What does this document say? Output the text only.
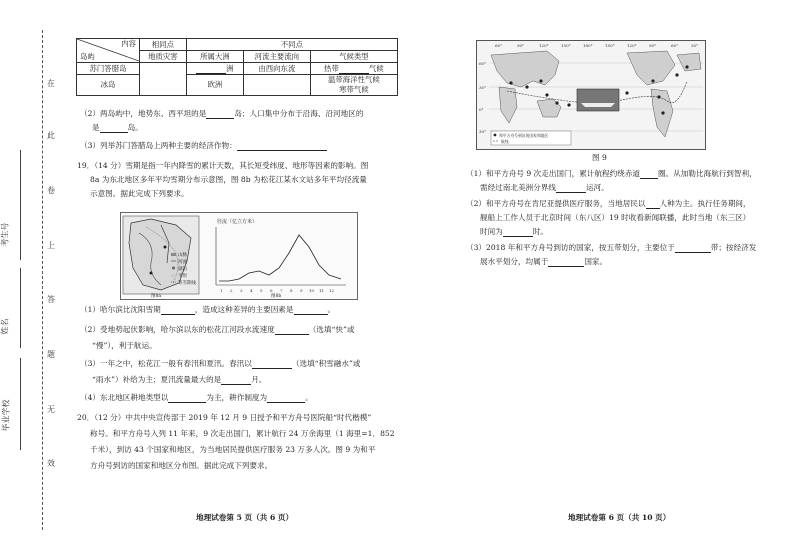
在
此
卷
上
答
题
无
效
考生号
姓名
毕业学校
内容
岛屿	相同点	不同点		
	地质灾害	所属大洲	河流主要流向	气候类型
苏门答腊岛		洲	由西向东流	热带 气候
冰岛		欧洲		温带海洋性气候
寒带气候
（2）两岛屿中，地势东、西平坦的是	岛；人口集中分布于沿海、沿河地区的
是	岛。
（3）列举苏门答腊岛上两种主要的经济作物：
19．（14 分）雪期是指一年内降雪的累计天数，其长短受纬度、地形等因素的影响。图
8a 为东北地区多年平均雪期分布示意图，图 8b 为松花江某水文站多年平均径流量
示意图。据此完成下列要求。
山脉
河流
湖泊
平原
等雪期线
径流（亿立方米）
1 2 3 4 5 6 7 8 9 10 11 12
图8a	图8b
（1）哈尔滨比沈阳雪期	，造成这种差异的主要因素是	。
（2）受地势起伏影响，哈尔滨以东的松花江河段水流速度	（选填“快”或
“慢”），利于航运。
（3）一年之中，松花江一般有春汛和夏汛。春汛以	（选填“积雪融水”或
“雨水”）补给为主；夏汛流量最大的是	月。
（4）东北地区耕地类型以	为主，耕作制度为	。
20．（12 分）中共中央宣传部于 2019 年 12 月 9 日授予和平方舟号医院船“时代楷模”
称号。和平方舟号入列 11 年来，9 次走出国门，累计航行 24 万余海里（1 海里=1．852
千米），到访 43 个国家和地区，为当地居民提供医疗服务 23 万多人次。图 9 为和平
方舟号到访的国家和地区分布图。据此完成下列要求。
地理试卷第 5 页（共 6 页）
60°	90°	120°	150°	180°	150°	120°	90°	60°	30°
60°
30°
0°
30°
和平方舟号到访的国家和地区
航线
图 9
（1）和平方舟号 9 次走出国门，累计航程约绕赤道 圈。从加勒比海航行到智利，
需经过南北美洲分界线	运河。
（2）和平方舟号在肯尼亚提供医疗服务，当地居民以 人种为主。执行任务期间，
舰船上工作人员于北京时间（东八区）19 时收看新闻联播，此时当地（东三区）
时间为	时。
（3）2018 年和平方舟号到访的国家，按五带划分，主要位于	带；按经济发
展水平划分，均属于	国家。
地理试卷第 6 页（共 10 页）
